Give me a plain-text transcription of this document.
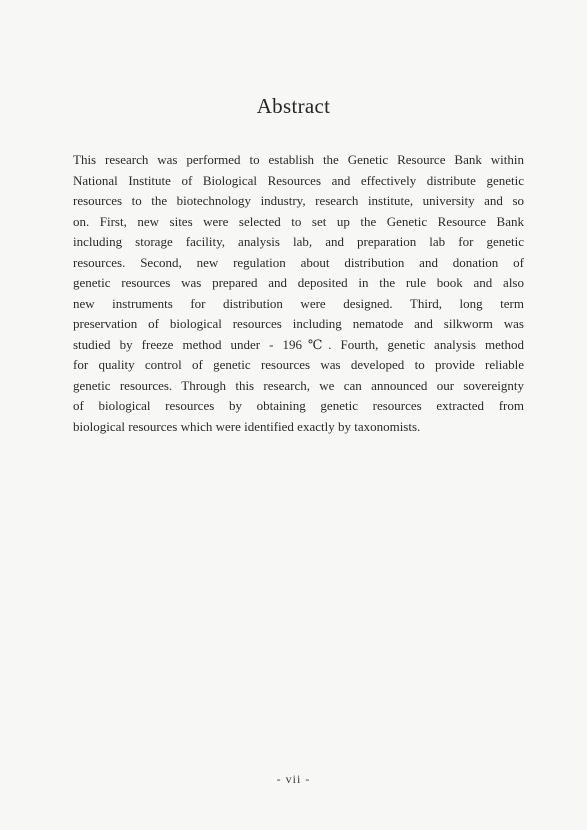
Abstract
This research was performed to establish the Genetic Resource Bank within
National Institute of Biological Resources and effectively distribute genetic
resources to the biotechnology industry, research institute, university and so
on. First, new sites were selected to set up the Genetic Resource Bank
including storage facility, analysis lab, and preparation lab for genetic
resources. Second, new regulation about distribution and donation of
genetic resources was prepared and deposited in the rule book and also
new instruments for distribution were designed. Third, long term
preservation of biological resources including nematode and silkworm was
studied by freeze method under - 196℃. Fourth, genetic analysis method
for quality control of genetic resources was developed to provide reliable
genetic resources. Through this research, we can announced our sovereignty
of biological resources by obtaining genetic resources extracted from
biological resources which were identified exactly by taxonomists.
- vii -
